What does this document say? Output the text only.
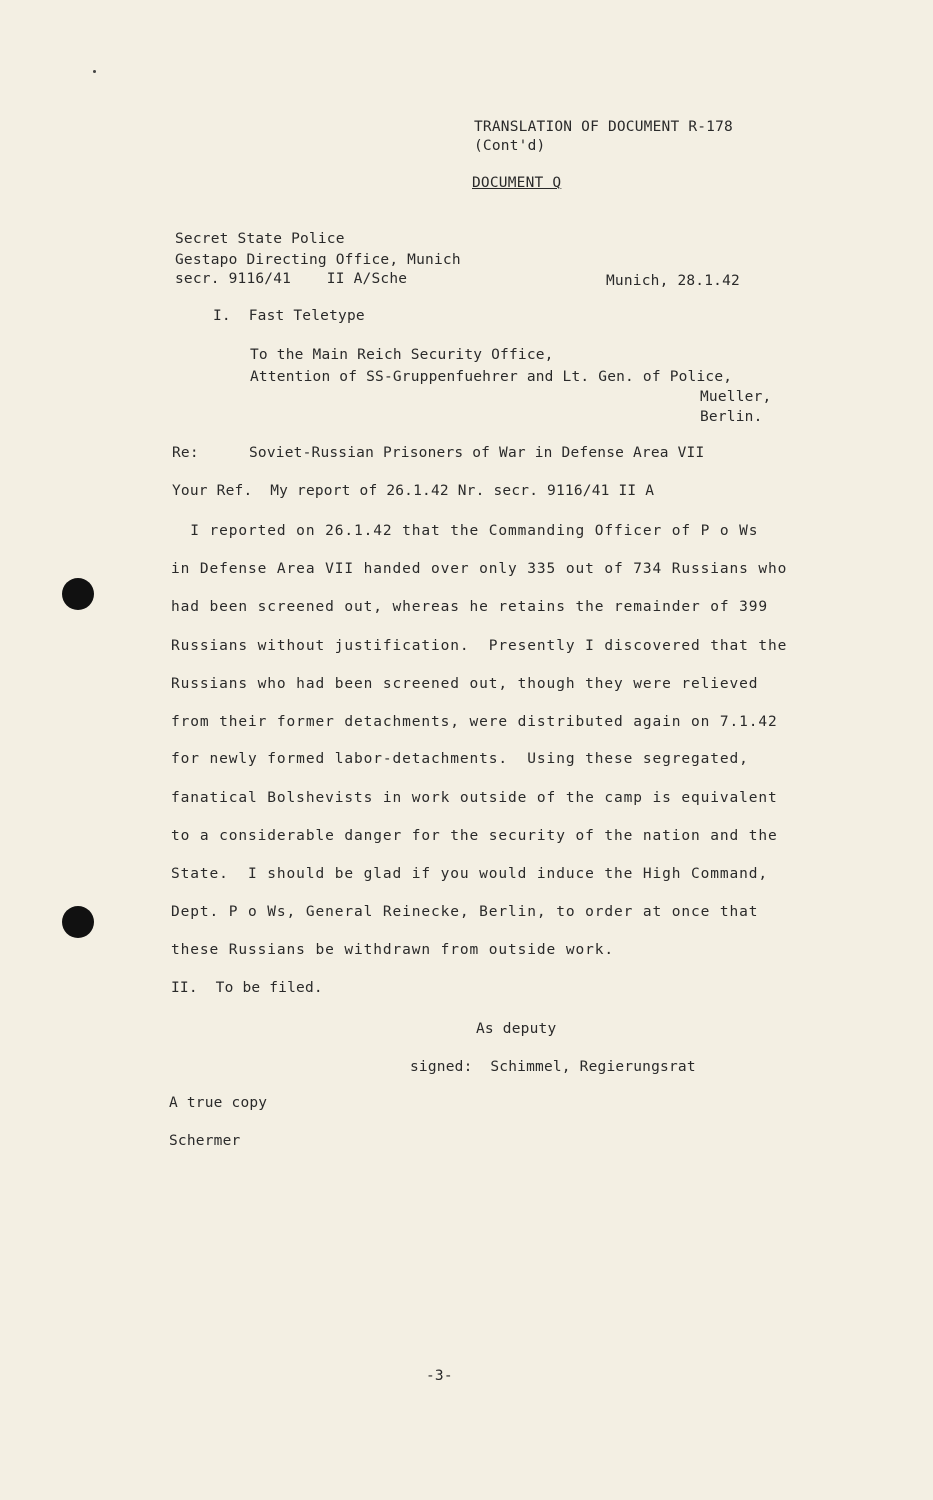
TRANSLATION OF DOCUMENT R-178
(Cont'd)
DOCUMENT Q
Secret State Police
Gestapo Directing Office, Munich
secr. 9116/41    II A/Sche	Munich, 28.1.42
I.  Fast Teletype
To the Main Reich Security Office,
Attention of SS-Gruppenfuehrer and Lt. Gen. of Police,
Mueller,
Berlin.
Re:	Soviet-Russian Prisoners of War in Defense Area VII
Your Ref.  My report of 26.1.42 Nr. secr. 9116/41 II A
I reported on 26.1.42 that the Commanding Officer of P o Ws
in Defense Area VII handed over only 335 out of 734 Russians who
had been screened out, whereas he retains the remainder of 399
Russians without justification.  Presently I discovered that the
Russians who had been screened out, though they were relieved
from their former detachments, were distributed again on 7.1.42
for newly formed labor-detachments.  Using these segregated,
fanatical Bolshevists in work outside of the camp is equivalent
to a considerable danger for the security of the nation and the
State.  I should be glad if you would induce the High Command,
Dept. P o Ws, General Reinecke, Berlin, to order at once that
these Russians be withdrawn from outside work.
II.  To be filed.
As deputy
signed:  Schimmel, Regierungsrat
A true copy
Schermer
-3-
